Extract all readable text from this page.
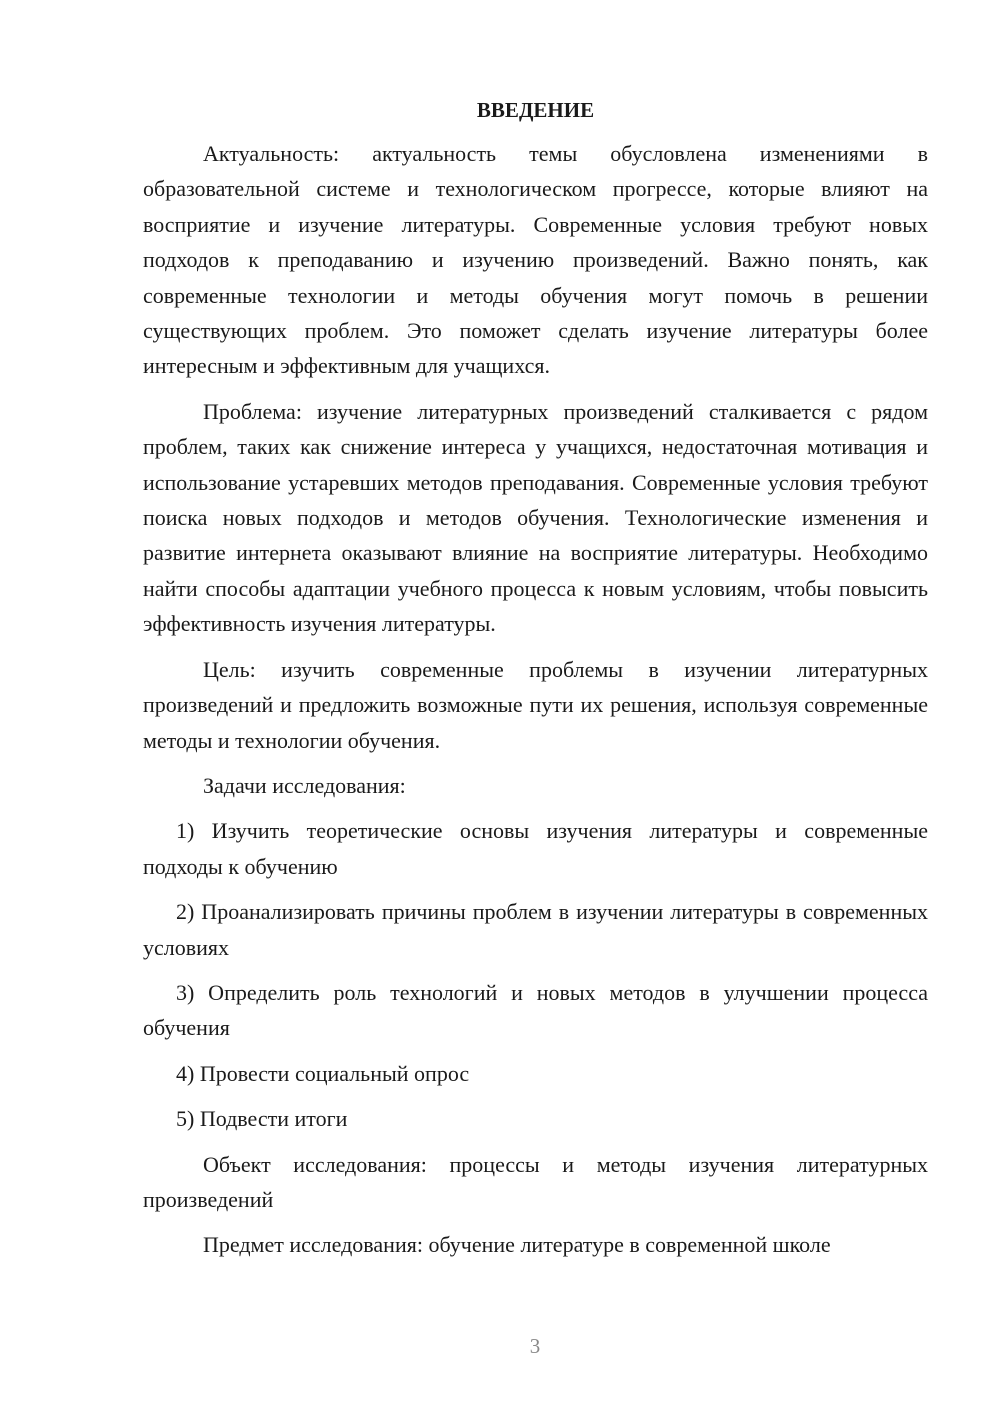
ВВЕДЕНИЕ

Актуальность: актуальность темы обусловлена изменениями в образовательной системе и технологическом прогрессе, которые влияют на восприятие и изучение литературы. Современные условия требуют новых подходов к преподаванию и изучению произведений. Важно понять, как современные технологии и методы обучения могут помочь в решении существующих проблем. Это поможет сделать изучение литературы более интересным и эффективным для учащихся.

Проблема: изучение литературных произведений сталкивается с рядом проблем, таких как снижение интереса у учащихся, недостаточная мотивация и использование устаревших методов преподавания. Современные условия требуют поиска новых подходов и методов обучения. Технологические изменения и развитие интернета оказывают влияние на восприятие литературы. Необходимо найти способы адаптации учебного процесса к новым условиям, чтобы повысить эффективность изучения литературы.

Цель: изучить современные проблемы в изучении литературных произведений и предложить возможные пути их решения, используя современные методы и технологии обучения.

Задачи исследования:

1) Изучить теоретические основы изучения литературы и современные подходы к обучению

2) Проанализировать причины проблем в изучении литературы в современных условиях

3) Определить роль технологий и новых методов в улучшении процесса обучения

4) Провести социальный опрос

5) Подвести итоги

Объект исследования: процессы и методы изучения литературных произведений

Предмет исследования: обучение литературе в современной школе

3
